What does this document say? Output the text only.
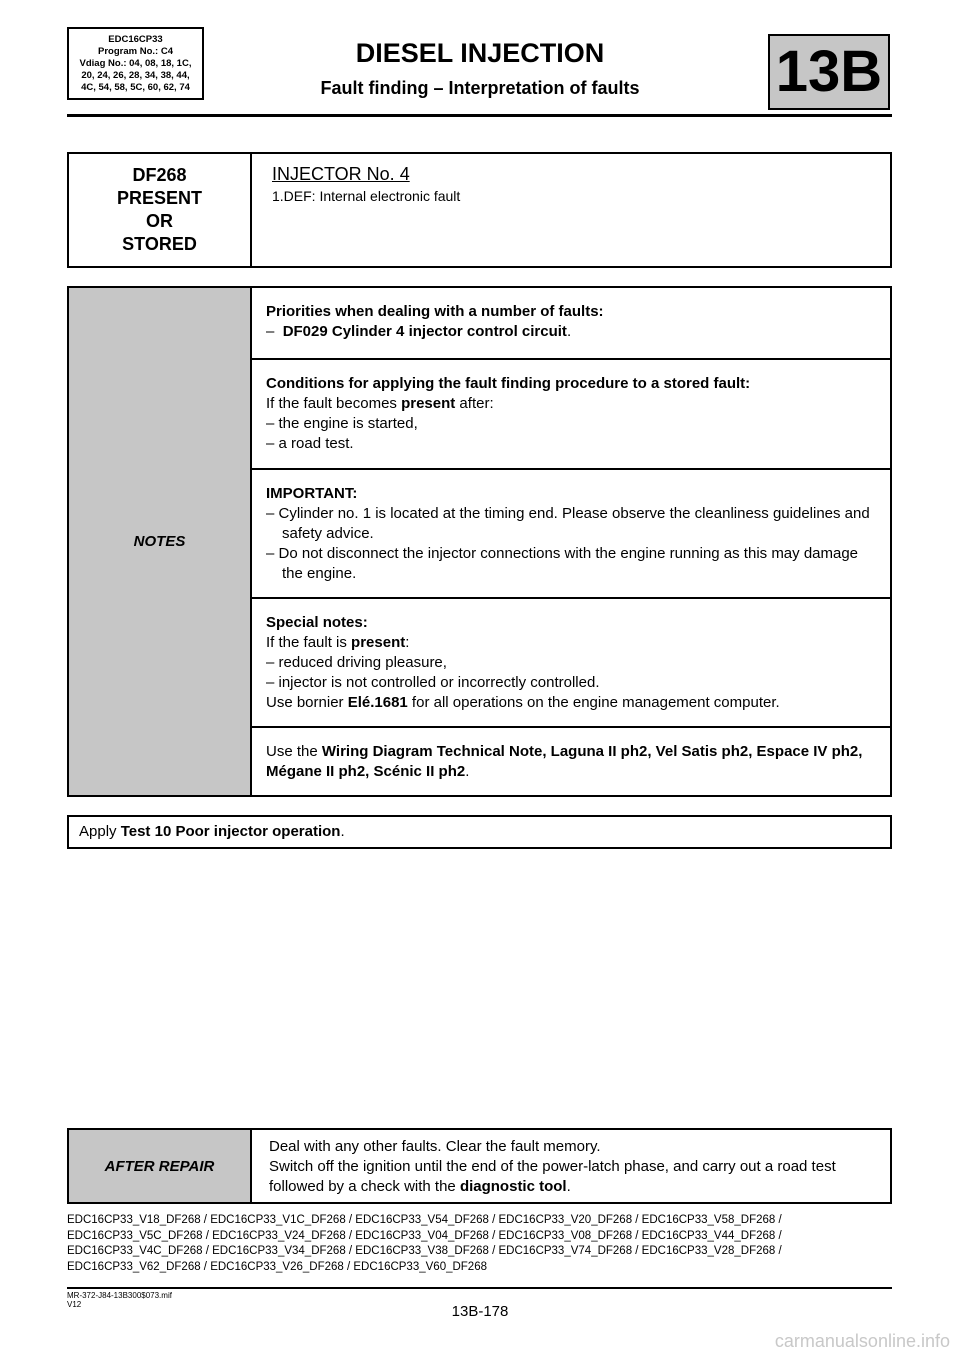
EDC16CP33
Program No.: C4
Vdiag No.: 04, 08, 18, 1C,
20, 24, 26, 28, 34, 38, 44,
4C, 54, 58, 5C, 60, 62, 74
DIESEL INJECTION
Fault finding – Interpretation of faults	13B
DF268
PRESENT
OR
STORED
INJECTOR No. 4
1.DEF: Internal electronic fault
NOTES
Priorities when dealing with a number of faults:
– DF029 Cylinder 4 injector control circuit.
Conditions for applying the fault finding procedure to a stored fault:
If the fault becomes present after:
– the engine is started,
– a road test.
IMPORTANT:
– Cylinder no. 1 is located at the timing end. Please observe the cleanliness guidelines and safety advice.
– Do not disconnect the injector connections with the engine running as this may damage the engine.
Special notes:
If the fault is present:
– reduced driving pleasure,
– injector is not controlled or incorrectly controlled.
Use bornier Elé.1681 for all operations on the engine management computer.
Use the Wiring Diagram Technical Note, Laguna II ph2, Vel Satis ph2, Espace IV ph2, Mégane II ph2, Scénic II ph2.
Apply Test 10 Poor injector operation.
AFTER REPAIR
Deal with any other faults. Clear the fault memory.
Switch off the ignition until the end of the power-latch phase, and carry out a road test followed by a check with the diagnostic tool.
EDC16CP33_V18_DF268 / EDC16CP33_V1C_DF268 / EDC16CP33_V54_DF268 / EDC16CP33_V20_DF268 / EDC16CP33_V58_DF268 /
EDC16CP33_V5C_DF268 / EDC16CP33_V24_DF268 / EDC16CP33_V04_DF268 / EDC16CP33_V08_DF268 / EDC16CP33_V44_DF268 /
EDC16CP33_V4C_DF268 / EDC16CP33_V34_DF268 / EDC16CP33_V38_DF268 / EDC16CP33_V74_DF268 / EDC16CP33_V28_DF268 /
EDC16CP33_V62_DF268 / EDC16CP33_V26_DF268 / EDC16CP33_V60_DF268
MR-372-J84-13B300$073.mif
V12	13B-178
carmanualsonline.info
